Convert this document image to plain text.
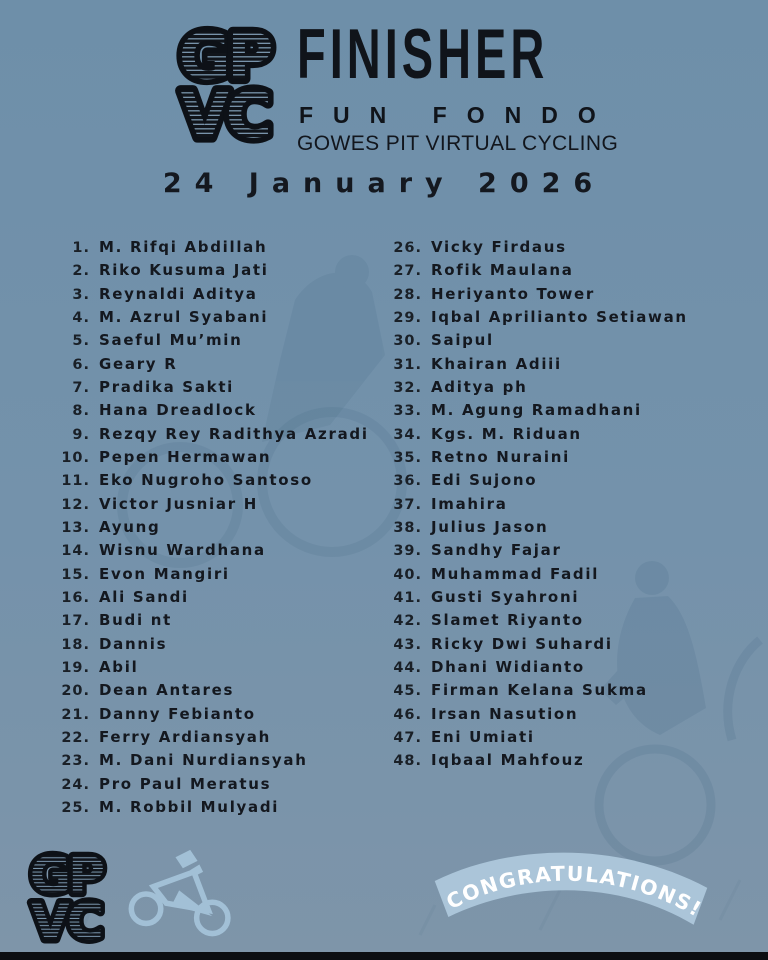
GP
VC
FINISHER
FUN FONDO
GOWES PIT VIRTUAL CYCLING
24 January 2026
1. M. Rifqi Abdillah
2. Riko Kusuma Jati
3. Reynaldi Aditya
4. M. Azrul Syabani
5. Saeful Mu’min
6. Geary R
7. Pradika Sakti
8. Hana Dreadlock
9. Rezqy Rey Radithya Azradi
10. Pepen Hermawan
11. Eko Nugroho Santoso
12. Victor Jusniar H
13. Ayung
14. Wisnu Wardhana
15. Evon Mangiri
16. Ali Sandi
17. Budi nt
18. Dannis
19. Abil
20. Dean Antares
21. Danny Febianto
22. Ferry Ardiansyah
23. M. Dani Nurdiansyah
24. Pro Paul Meratus
25. M. Robbil Mulyadi
26. Vicky Firdaus
27. Rofik Maulana
28. Heriyanto Tower
29. Iqbal Aprilianto Setiawan
30. Saipul
31. Khairan Adiii
32. Aditya ph
33. M. Agung Ramadhani
34. Kgs. M. Riduan
35. Retno Nuraini
36. Edi Sujono
37. Imahira
38. Julius Jason
39. Sandhy Fajar
40. Muhammad Fadil
41. Gusti Syahroni
42. Slamet Riyanto
43. Ricky Dwi Suhardi
44. Dhani Widianto
45. Firman Kelana Sukma
46. Irsan Nasution
47. Eni Umiati
48. Iqbaal Mahfouz
GP
VC	CONGRATULATIONS!
